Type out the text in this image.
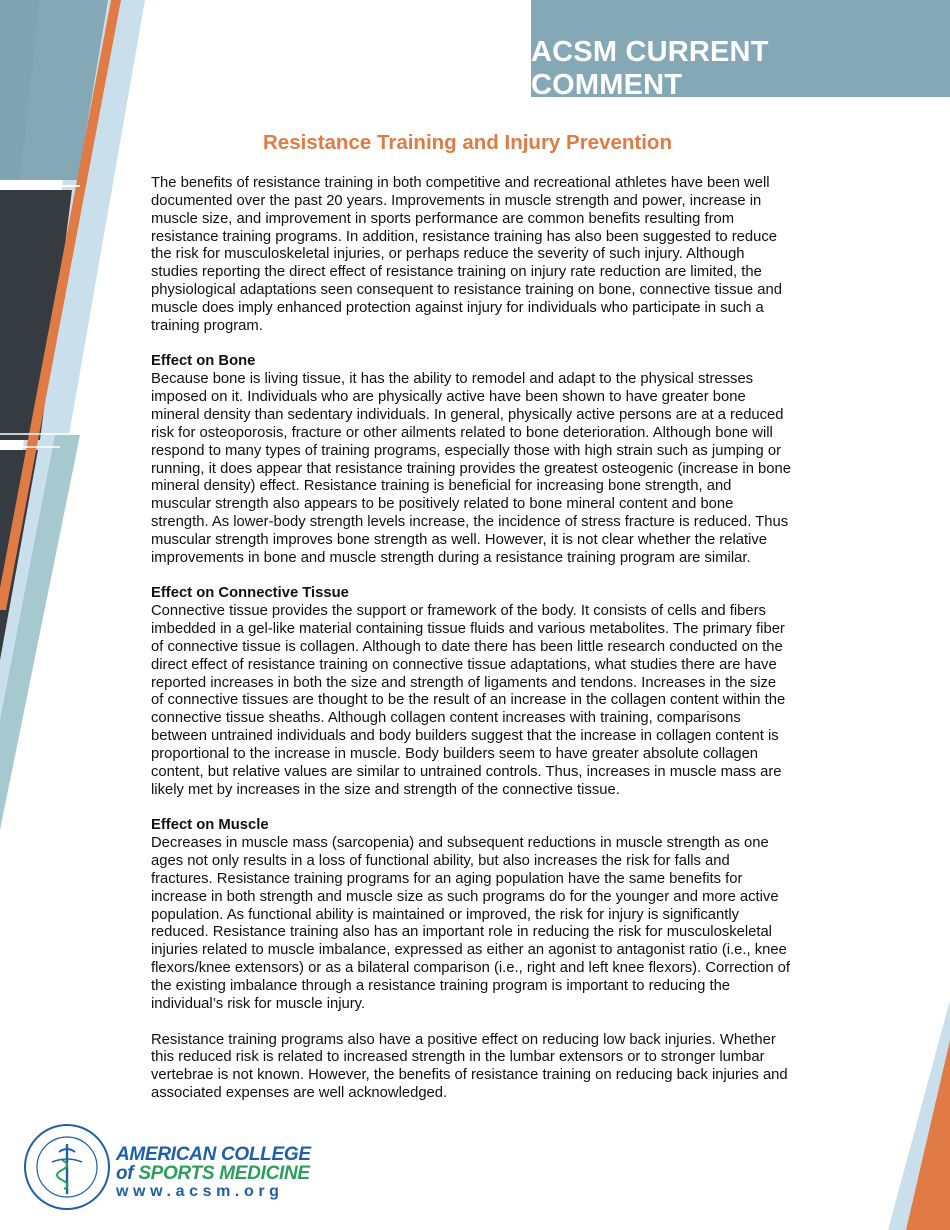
ACSM CURRENT COMMENT
Resistance Training and Injury Prevention

The benefits of resistance training in both competitive and recreational athletes have been well documented over the past 20 years. Improvements in muscle strength and power, increase in muscle size, and improvement in sports performance are common benefits resulting from resistance training programs. In addition, resistance training has also been suggested to reduce the risk for musculoskeletal injuries, or perhaps reduce the severity of such injury. Although studies reporting the direct effect of resistance training on injury rate reduction are limited, the physiological adaptations seen consequent to resistance training on bone, connective tissue and muscle does imply enhanced protection against injury for individuals who participate in such a training program.

Effect on Bone

Because bone is living tissue, it has the ability to remodel and adapt to the physical stresses imposed on it. Individuals who are physically active have been shown to have greater bone mineral density than sedentary individuals. In general, physically active persons are at a reduced risk for osteoporosis, fracture or other ailments related to bone deterioration. Although bone will respond to many types of training programs, especially those with high strain such as jumping or running, it does appear that resistance training provides the greatest osteogenic (increase in bone mineral density) effect. Resistance training is beneficial for increasing bone strength, and muscular strength also appears to be positively related to bone mineral content and bone strength. As lower-body strength levels increase, the incidence of stress fracture is reduced. Thus muscular strength improves bone strength as well. However, it is not clear whether the relative improvements in bone and muscle strength during a resistance training program are similar.

Effect on Connective Tissue

Connective tissue provides the support or framework of the body. It consists of cells and fibers imbedded in a gel-like material containing tissue fluids and various metabolites. The primary fiber of connective tissue is collagen. Although to date there has been little research conducted on the direct effect of resistance training on connective tissue adaptations, what studies there are have reported increases in both the size and strength of ligaments and tendons. Increases in the size of connective tissues are thought to be the result of an increase in the collagen content within the connective tissue sheaths. Although collagen content increases with training, comparisons between untrained individuals and body builders suggest that the increase in collagen content is proportional to the increase in muscle. Body builders seem to have greater absolute collagen content, but relative values are similar to untrained controls. Thus, increases in muscle mass are likely met by increases in the size and strength of the connective tissue.

Effect on Muscle

Decreases in muscle mass (sarcopenia) and subsequent reductions in muscle strength as one ages not only results in a loss of functional ability, but also increases the risk for falls and fractures. Resistance training programs for an aging population have the same benefits for increase in both strength and muscle size as such programs do for the younger and more active population. As functional ability is maintained or improved, the risk for injury is significantly reduced. Resistance training also has an important role in reducing the risk for musculoskeletal injuries related to muscle imbalance, expressed as either an agonist to antagonist ratio (i.e., knee flexors/knee extensors) or as a bilateral comparison (i.e., right and left knee flexors). Correction of the existing imbalance through a resistance training program is important to reducing the individual’s risk for muscle injury.

Resistance training programs also have a positive effect on reducing low back injuries. Whether this reduced risk is related to increased strength in the lumbar extensors or to stronger lumbar vertebrae is not known. However, the benefits of resistance training on reducing back injuries and associated expenses are well acknowledged.

AMERICAN COLLEGE
of SPORTS MEDICINE
www.acsm.org
